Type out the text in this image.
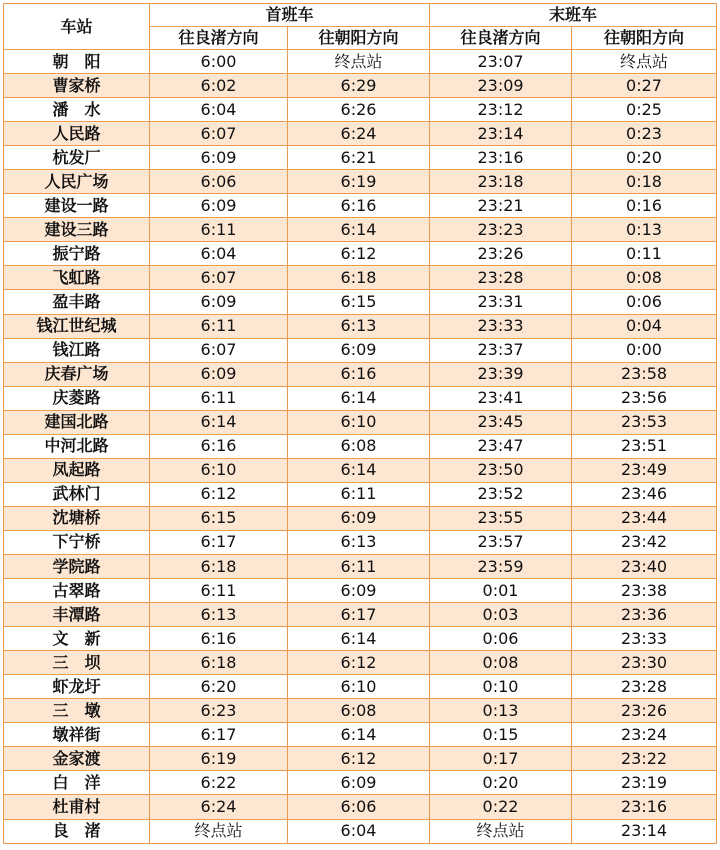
车站	首班车		末班车	
	往良渚方向	往朝阳方向	往良渚方向	往朝阳方向
朝　阳	6:00	终点站	23:07	终点站
曹家桥	6:02	6:29	23:09	0:27
潘　水	6:04	6:26	23:12	0:25
人民路	6:07	6:24	23:14	0:23
杭发厂	6:09	6:21	23:16	0:20
人民广场	6:06	6:19	23:18	0:18
建设一路	6:09	6:16	23:21	0:16
建设三路	6:11	6:14	23:23	0:13
振宁路	6:04	6:12	23:26	0:11
飞虹路	6:07	6:18	23:28	0:08
盈丰路	6:09	6:15	23:31	0:06
钱江世纪城	6:11	6:13	23:33	0:04
钱江路	6:07	6:09	23:37	0:00
庆春广场	6:09	6:16	23:39	23:58
庆菱路	6:11	6:14	23:41	23:56
建国北路	6:14	6:10	23:45	23:53
中河北路	6:16	6:08	23:47	23:51
凤起路	6:10	6:14	23:50	23:49
武林门	6:12	6:11	23:52	23:46
沈塘桥	6:15	6:09	23:55	23:44
下宁桥	6:17	6:13	23:57	23:42
学院路	6:18	6:11	23:59	23:40
古翠路	6:11	6:09	0:01	23:38
丰潭路	6:13	6:17	0:03	23:36
文　新	6:16	6:14	0:06	23:33
三　坝	6:18	6:12	0:08	23:30
虾龙圩	6:20	6:10	0:10	23:28
三　墩	6:23	6:08	0:13	23:26
墩祥街	6:17	6:14	0:15	23:24
金家渡	6:19	6:12	0:17	23:22
白　洋	6:22	6:09	0:20	23:19
杜甫村	6:24	6:06	0:22	23:16
良　渚	终点站	6:04	终点站	23:14
